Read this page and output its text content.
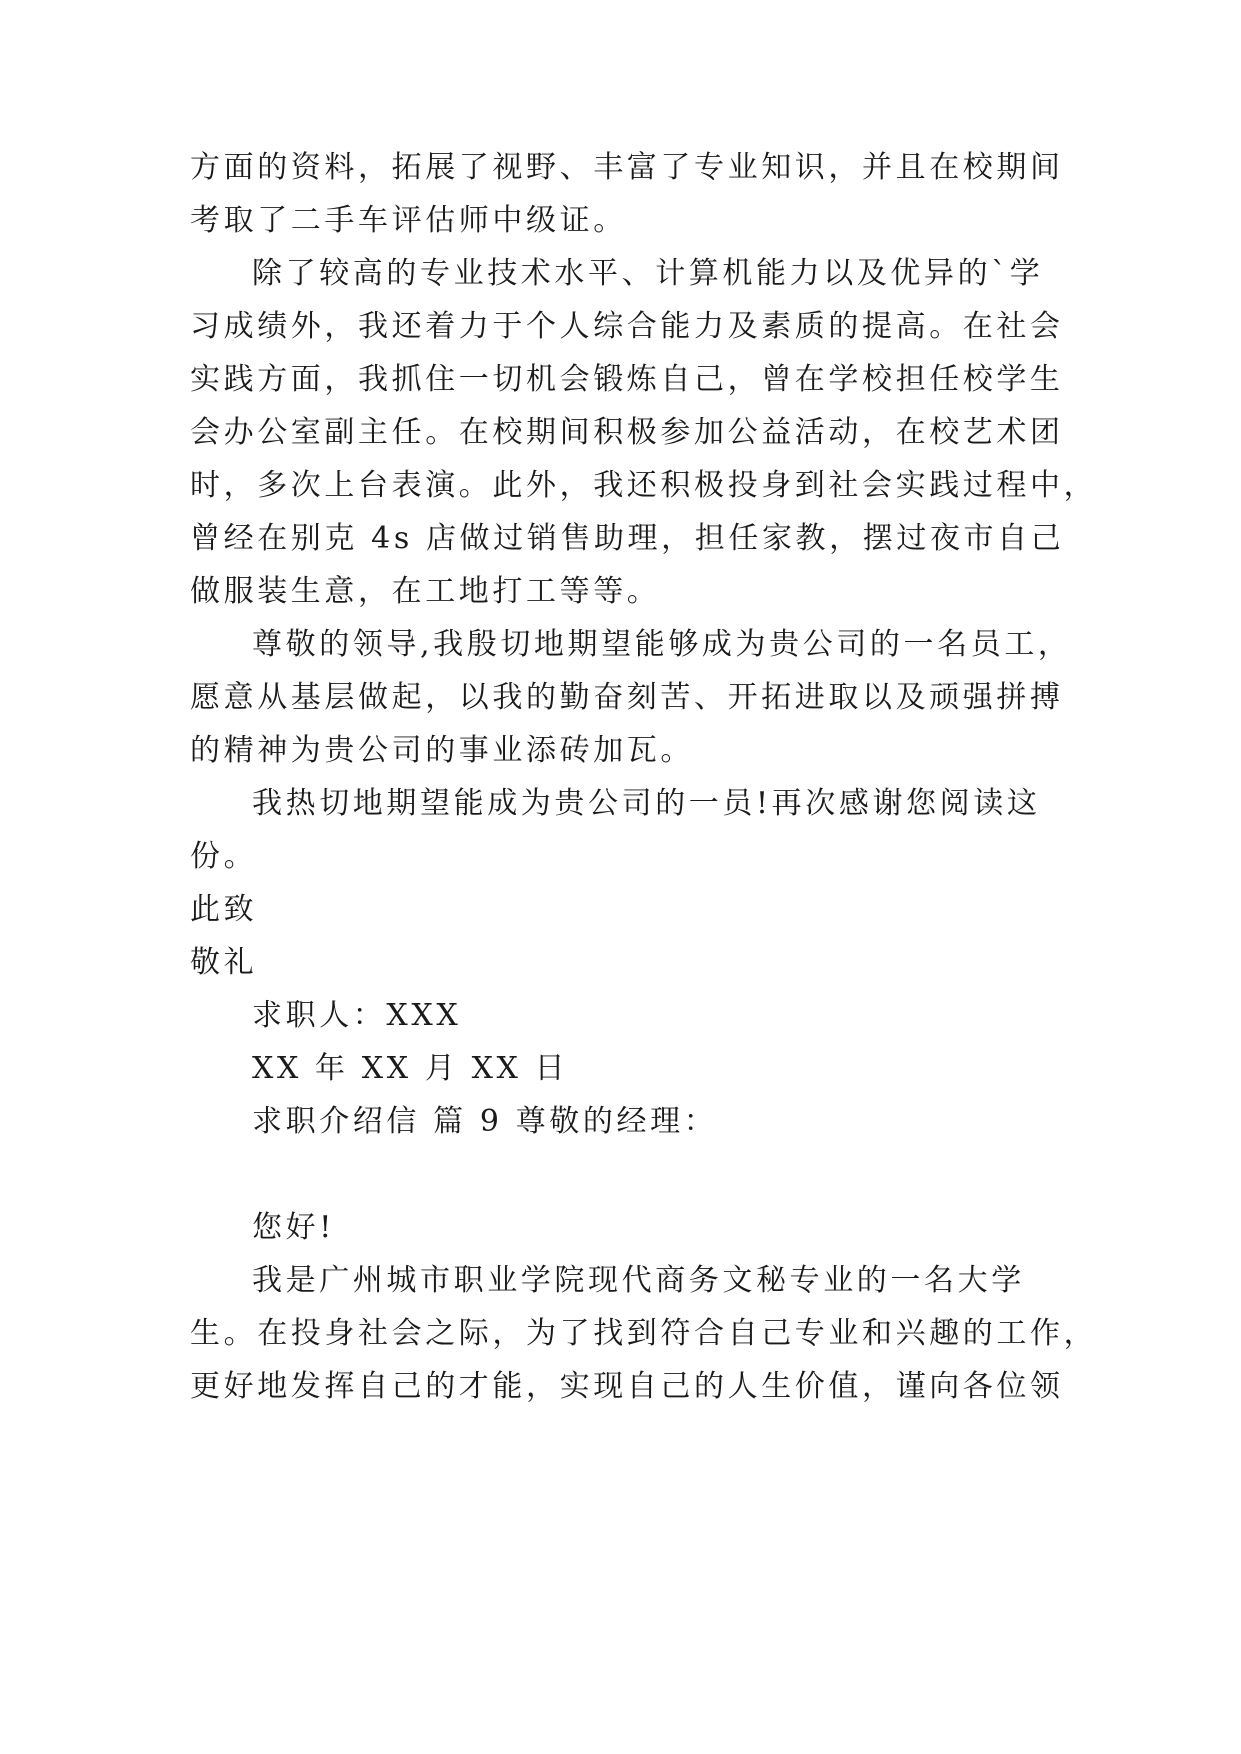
方面的资料，拓展了视野、丰富了专业知识，并且在校期间
考取了二手车评估师中级证。
除了较高的专业技术水平、计算机能力以及优异的`学
习成绩外，我还着力于个人综合能力及素质的提高。在社会
实践方面，我抓住一切机会锻炼自己，曾在学校担任校学生
会办公室副主任。在校期间积极参加公益活动，在校艺术团
时，多次上台表演。此外，我还积极投身到社会实践过程中，
曾经在别克 4s 店做过销售助理，担任家教，摆过夜市自己
做服装生意，在工地打工等等。
尊敬的领导,我殷切地期望能够成为贵公司的一名员工，
愿意从基层做起，以我的勤奋刻苦、开拓进取以及顽强拼搏
的精神为贵公司的事业添砖加瓦。
我热切地期望能成为贵公司的一员!再次感谢您阅读这
份。
此致
敬礼
求职人：XXX
XX 年 XX 月 XX 日
求职介绍信 篇 9 尊敬的经理：
您好!
我是广州城市职业学院现代商务文秘专业的一名大学
生。在投身社会之际，为了找到符合自己专业和兴趣的工作，
更好地发挥自己的才能，实现自己的人生价值，谨向各位领
